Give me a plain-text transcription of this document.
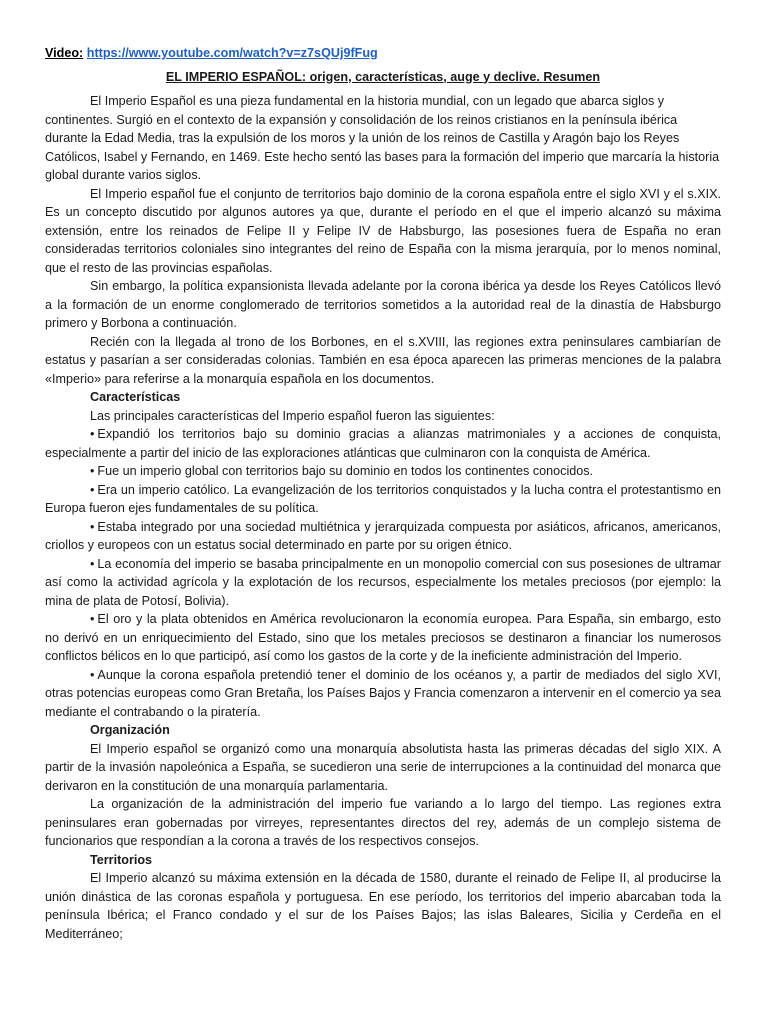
Video: https://www.youtube.com/watch?v=z7sQUj9fFug
EL IMPERIO ESPAÑOL: origen, características, auge y declive. Resumen

El Imperio Español es una pieza fundamental en la historia mundial, con un legado que abarca siglos y continentes. Surgió en el contexto de la expansión y consolidación de los reinos cristianos en la península ibérica durante la Edad Media, tras la expulsión de los moros y la unión de los reinos de Castilla y Aragón bajo los Reyes Católicos, Isabel y Fernando, en 1469. Este hecho sentó las bases para la formación del imperio que marcaría la historia global durante varios siglos.

El Imperio español fue el conjunto de territorios bajo dominio de la corona española entre el siglo XVI y el s.XIX. Es un concepto discutido por algunos autores ya que, durante el período en el que el imperio alcanzó su máxima extensión, entre los reinados de Felipe II y Felipe IV de Habsburgo, las posesiones fuera de España no eran consideradas territorios coloniales sino integrantes del reino de España con la misma jerarquía, por lo menos nominal, que el resto de las provincias españolas.

Sin embargo, la política expansionista llevada adelante por la corona ibérica ya desde los Reyes Católicos llevó a la formación de un enorme conglomerado de territorios sometidos a la autoridad real de la dinastía de Habsburgo primero y Borbona a continuación.

Recién con la llegada al trono de los Borbones, en el s.XVIII, las regiones extra peninsulares cambiarían de estatus y pasarían a ser consideradas colonias. También en esa época aparecen las primeras menciones de la palabra «Imperio» para referirse a la monarquía española en los documentos.

Características

Las principales características del Imperio español fueron las siguientes:

• Expandió los territorios bajo su dominio gracias a alianzas matrimoniales y a acciones de conquista, especialmente a partir del inicio de las exploraciones atlánticas que culminaron con la conquista de América.

• Fue un imperio global con territorios bajo su dominio en todos los continentes conocidos.

• Era un imperio católico. La evangelización de los territorios conquistados y la lucha contra el protestantismo en Europa fueron ejes fundamentales de su política.

• Estaba integrado por una sociedad multiétnica y jerarquizada compuesta por asiáticos, africanos, americanos, criollos y europeos con un estatus social determinado en parte por su origen étnico.

• La economía del imperio se basaba principalmente en un monopolio comercial con sus posesiones de ultramar así como la actividad agrícola y la explotación de los recursos, especialmente los metales preciosos (por ejemplo: la mina de plata de Potosí, Bolivia).

• El oro y la plata obtenidos en América revolucionaron la economía europea. Para España, sin embargo, esto no derivó en un enriquecimiento del Estado, sino que los metales preciosos se destinaron a financiar los numerosos conflictos bélicos en lo que participó, así como los gastos de la corte y de la ineficiente administración del Imperio.

• Aunque la corona española pretendió tener el dominio de los océanos y, a partir de mediados del siglo XVI, otras potencias europeas como Gran Bretaña, los Países Bajos y Francia comenzaron a intervenir en el comercio ya sea mediante el contrabando o la piratería.

Organización

El Imperio español se organizó como una monarquía absolutista hasta las primeras décadas del siglo XIX. A partir de la invasión napoleónica a España, se sucedieron una serie de interrupciones a la continuidad del monarca que derivaron en la constitución de una monarquía parlamentaria.

La organización de la administración del imperio fue variando a lo largo del tiempo. Las regiones extra peninsulares eran gobernadas por virreyes, representantes directos del rey, además de un complejo sistema de funcionarios que respondían a la corona a través de los respectivos consejos.

Territorios

El Imperio alcanzó su máxima extensión en la década de 1580, durante el reinado de Felipe II, al producirse la unión dinástica de las coronas española y portuguesa. En ese período, los territorios del imperio abarcaban toda la península Ibérica; el Franco condado y el sur de los Países Bajos; las islas Baleares, Sicilia y Cerdeña en el Mediterráneo;
